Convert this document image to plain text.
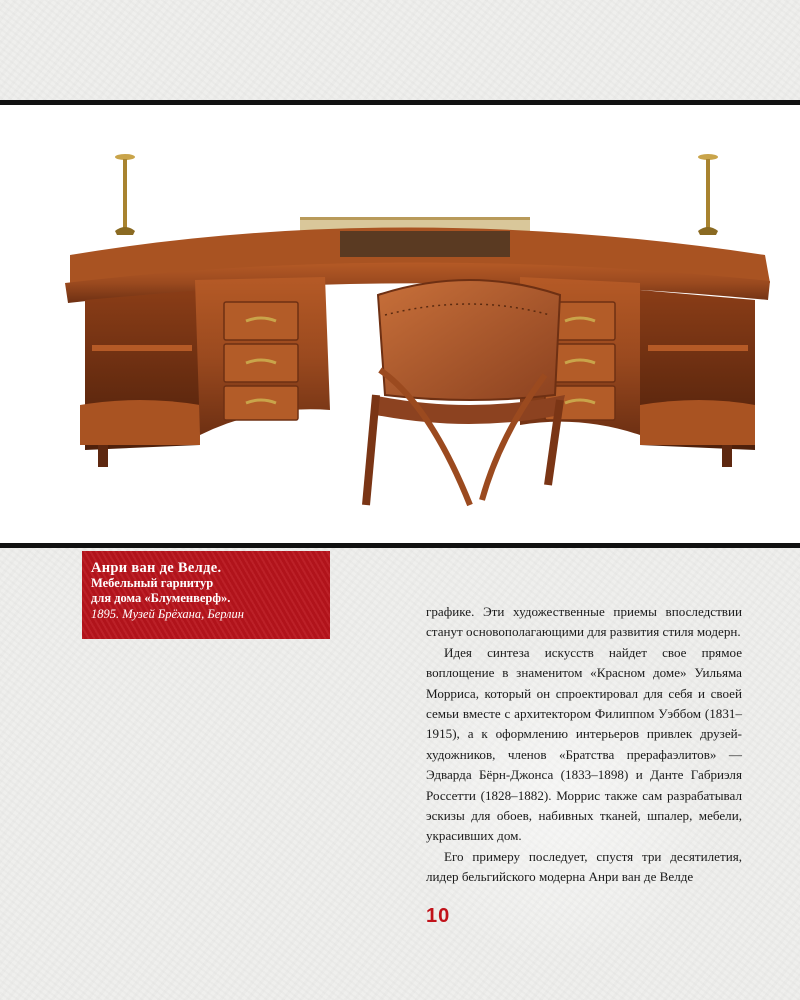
Анри ван де Велде.
Мебельный гарнитур
для дома «Блуменверф».
1895. Музей Брёхана, Берлин	графике. Эти художественные приемы впоследствии станут основополагающими для развития стиля модерн.

Идея синтеза искусств найдет свое прямое воплощение в знаменитом «Красном доме» Уильяма Морриса, который он спроектировал для себя и своей семьи вместе с архитектором Филиппом Уэббом (1831–1915), а к оформлению интерьеров привлек друзей-художников, членов «Братства прерафаэлитов» — Эдварда Бёрн-Джонса (1833–1898) и Данте Габриэля Россетти (1828–1882). Моррис также сам разрабатывал эскизы для обоев, набивных тканей, шпалер, мебели, украсивших дом.

Его примеру последует, спустя три десятилетия, лидер бельгийского модерна Анри ван де Велде

10
